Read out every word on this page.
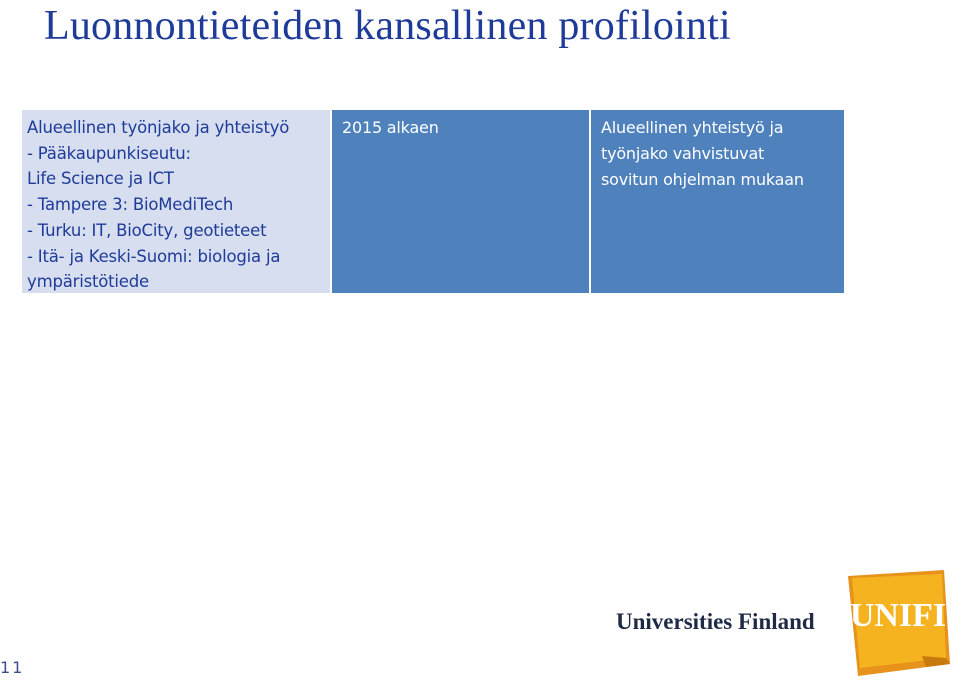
Luonnontieteiden kansallinen profilointi
Alueellinen työnjako ja yhteistyö
- Pääkaupunkiseutu:
Life Science ja ICT
- Tampere 3: BioMediTech
- Turku: IT, BioCity, geotieteet
- Itä- ja Keski-Suomi: biologia ja
ympäristötiede
2015 alkaen	Alueellinen yhteistyö ja
työnjako vahvistuvat
sovitun ohjelman mukaan
11
Universities Finland UNIFI
